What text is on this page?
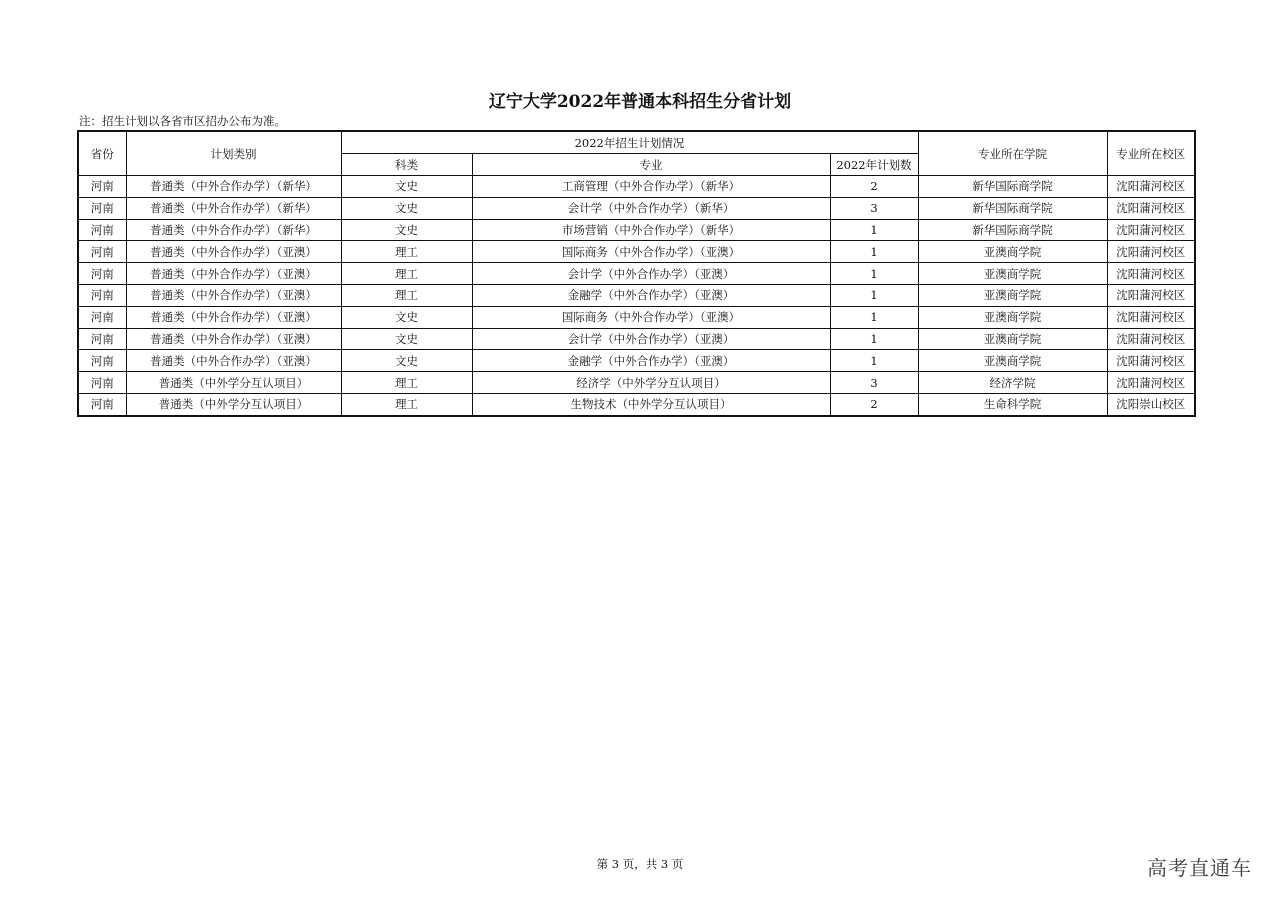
辽宁大学2022年普通本科招生分省计划
注：招生计划以各省市区招办公布为准。
省份	计划类别	2022年招生计划情况			专业所在学院	专业所在校区
		科类	专业	2022年计划数		
河南	普通类（中外合作办学）（新华）	文史	工商管理（中外合作办学）（新华）	2	新华国际商学院	沈阳蒲河校区
河南	普通类（中外合作办学）（新华）	文史	会计学（中外合作办学）（新华）	3	新华国际商学院	沈阳蒲河校区
河南	普通类（中外合作办学）（新华）	文史	市场营销（中外合作办学）（新华）	1	新华国际商学院	沈阳蒲河校区
河南	普通类（中外合作办学）（亚澳）	理工	国际商务（中外合作办学）（亚澳）	1	亚澳商学院	沈阳蒲河校区
河南	普通类（中外合作办学）（亚澳）	理工	会计学（中外合作办学）（亚澳）	1	亚澳商学院	沈阳蒲河校区
河南	普通类（中外合作办学）（亚澳）	理工	金融学（中外合作办学）（亚澳）	1	亚澳商学院	沈阳蒲河校区
河南	普通类（中外合作办学）（亚澳）	文史	国际商务（中外合作办学）（亚澳）	1	亚澳商学院	沈阳蒲河校区
河南	普通类（中外合作办学）（亚澳）	文史	会计学（中外合作办学）（亚澳）	1	亚澳商学院	沈阳蒲河校区
河南	普通类（中外合作办学）（亚澳）	文史	金融学（中外合作办学）（亚澳）	1	亚澳商学院	沈阳蒲河校区
河南	普通类（中外学分互认项目）	理工	经济学（中外学分互认项目）	3	经济学院	沈阳蒲河校区
河南	普通类（中外学分互认项目）	理工	生物技术（中外学分互认项目）	2	生命科学院	沈阳崇山校区
第 3 页，共 3 页	高考直通车
